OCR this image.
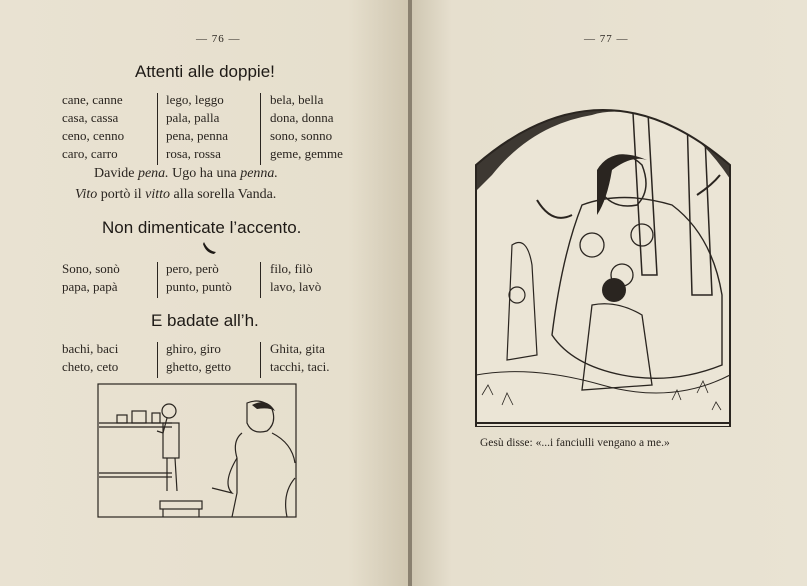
— 76 —
Attenti alle doppie!
cane, canne
casa, cassa
ceno, cenno
caro, carro
lego, leggo
pala, palla
pena, penna
rosa, rossa
bela, bella
dona, donna
sono, sonno
geme, gemme
Davide pena. Ugo ha una penna.
Vito portò il vitto alla sorella Vanda.
Non dimenticate l’accento.
Sono, sonò
papa, papà
pero, però
punto, puntò
filo, filò
lavo, lavò
E badate all’h.
bachi, baci
cheto, ceto
ghiro, giro
ghetto, getto
Ghita, gita
tacchi, taci.
— 77 —
Gesù disse: «...i fanciulli vengano a me.»
